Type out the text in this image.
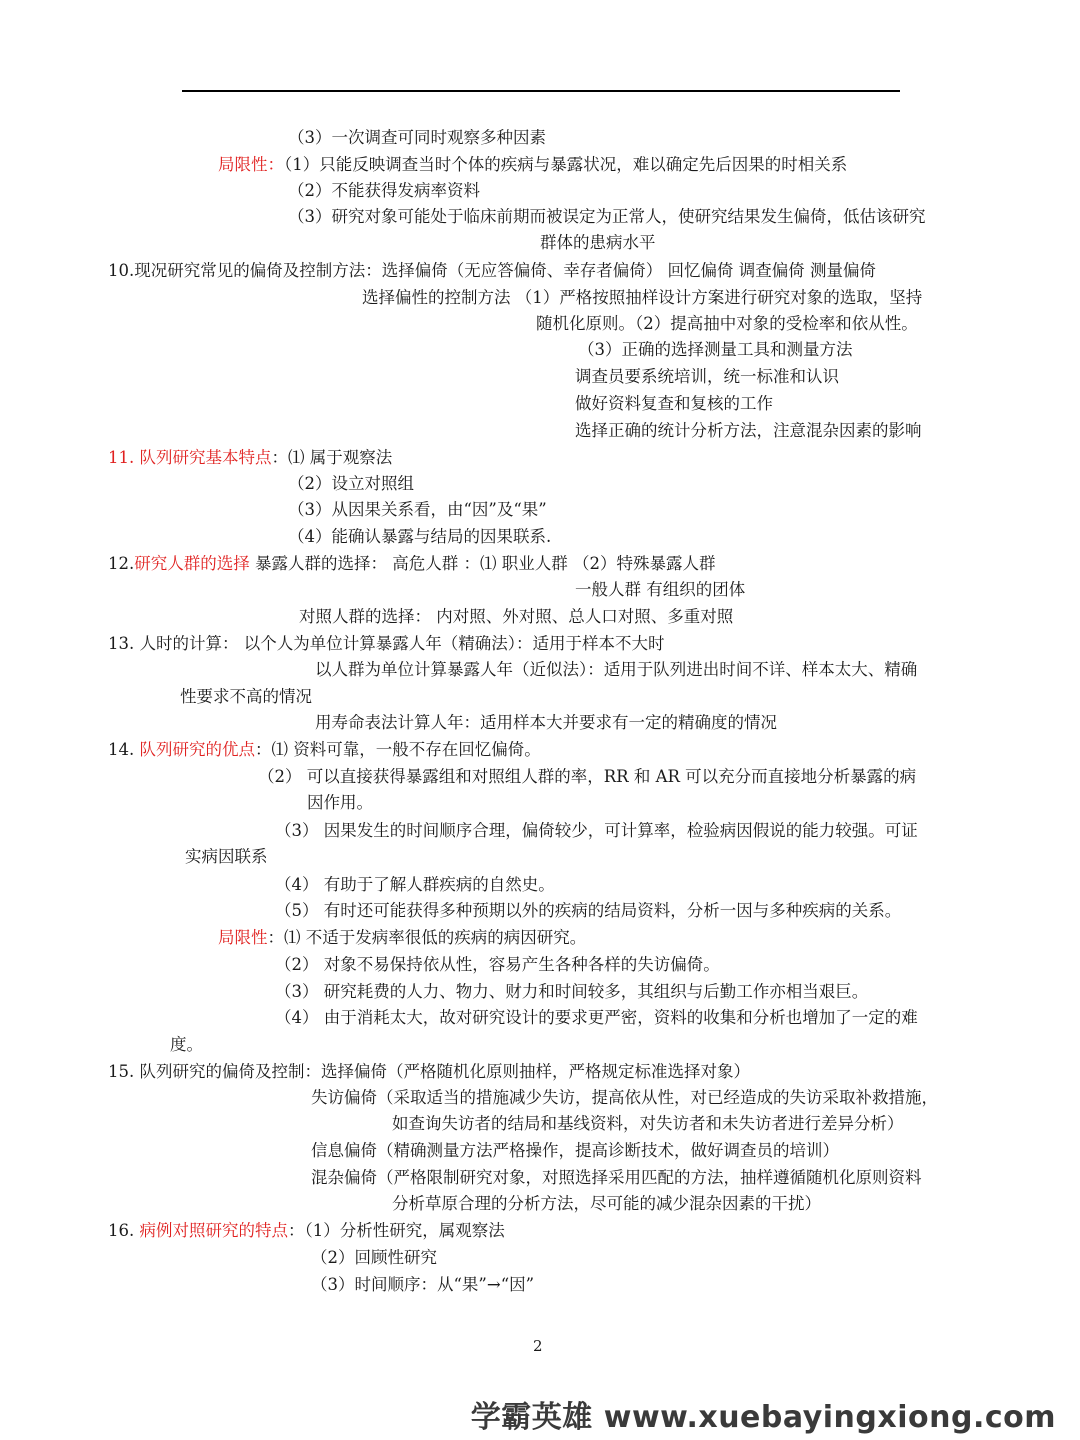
（3）一次调查可同时观察多种因素
局限性：（1）只能反映调查当时个体的疾病与暴露状况，难以确定先后因果的时相关系
（2）不能获得发病率资料
（3）研究对象可能处于临床前期而被误定为正常人，使研究结果发生偏倚，低估该研究
群体的患病水平
10.现况研究常见的偏倚及控制方法：选择偏倚（无应答偏倚、幸存者偏倚） 回忆偏倚 调查偏倚 测量偏倚
选择偏性的控制方法 （1）严格按照抽样设计方案进行研究对象的选取，坚持
随机化原则。（2）提高抽中对象的受检率和依从性。
（3）正确的选择测量工具和测量方法
调查员要系统培训，统一标准和认识
做好资料复查和复核的工作
选择正确的统计分析方法，注意混杂因素的影响
11. 队列研究基本特点：⑴ 属于观察法
（2）设立对照组
（3）从因果关系看，由“因”及“果”
（4）能确认暴露与结局的因果联系.
12.研究人群的选择 暴露人群的选择： 高危人群 ：⑴ 职业人群 （2）特殊暴露人群
一般人群 有组织的团体
对照人群的选择： 内对照、外对照、总人口对照、多重对照
13. 人时的计算： 以个人为单位计算暴露人年（精确法）：适用于样本不大时
以人群为单位计算暴露人年（近似法）：适用于队列进出时间不详、样本太大、精确
性要求不高的情况
用寿命表法计算人年：适用样本大并要求有一定的精确度的情况
14. 队列研究的优点：⑴ 资料可靠，一般不存在回忆偏倚。
（2） 可以直接获得暴露组和对照组人群的率，RR 和 AR 可以充分而直接地分析暴露的病
因作用。
（3） 因果发生的时间顺序合理，偏倚较少，可计算率，检验病因假说的能力较强。可证
实病因联系
（4） 有助于了解人群疾病的自然史。
（5） 有时还可能获得多种预期以外的疾病的结局资料，分析一因与多种疾病的关系。
局限性：⑴ 不适于发病率很低的疾病的病因研究。
（2） 对象不易保持依从性，容易产生各种各样的失访偏倚。
（3） 研究耗费的人力、物力、财力和时间较多，其组织与后勤工作亦相当艰巨。
（4） 由于消耗太大，故对研究设计的要求更严密，资料的收集和分析也增加了一定的难
度。
15. 队列研究的偏倚及控制：选择偏倚（严格随机化原则抽样，严格规定标准选择对象）
失访偏倚（采取适当的措施减少失访，提高依从性，对已经造成的失访采取补救措施，
如查询失访者的结局和基线资料，对失访者和未失访者进行差异分析）
信息偏倚（精确测量方法严格操作，提高诊断技术，做好调查员的培训）
混杂偏倚（严格限制研究对象，对照选择采用匹配的方法，抽样遵循随机化原则资料
分析草原合理的分析方法，尽可能的减少混杂因素的干扰）
16. 病例对照研究的特点：（1）分析性研究，属观察法
（2）回顾性研究
（3）时间顺序：从“果”→“因”
2
学霸英雄 www.xuebayingxiong.com
